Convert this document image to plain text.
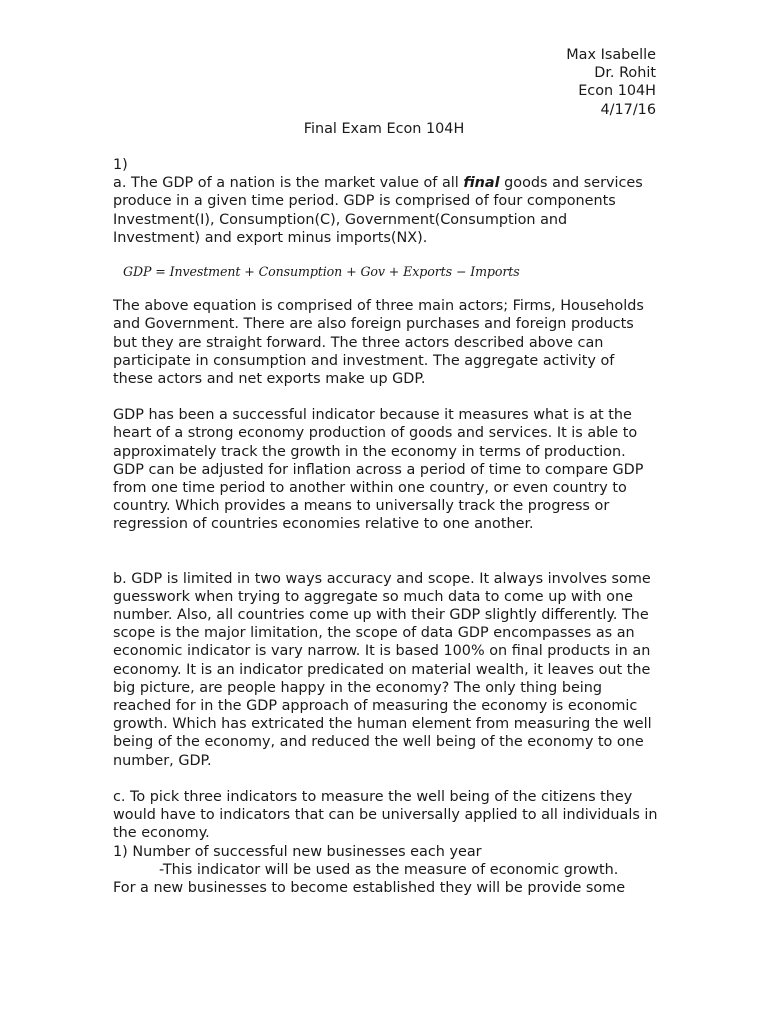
Max Isabelle
Dr. Rohit
Econ 104H
4/17/16
Final Exam Econ 104H

1)

a. The GDP of a nation is the market value of all final goods and services produce in a given time period. GDP is comprised of four components Investment(I), Consumption(C), Government(Consumption and Investment) and export minus imports(NX).

GDP = Investment + Consumption + Gov + Exports − Imports

The above equation is comprised of three main actors; Firms, Households and Government. There are also foreign purchases and foreign products but they are straight forward. The three actors described above can participate in consumption and investment. The aggregate activity of these actors and net exports make up GDP.

GDP has been a successful indicator because it measures what is at the heart of a strong economy production of goods and services. It is able to approximately track the growth in the economy in terms of production. GDP can be adjusted for inflation across a period of time to compare GDP from one time period to another within one country, or even country to country. Which provides a means to universally track the progress or regression of countries economies relative to one another.

b. GDP is limited in two ways accuracy and scope. It always involves some guesswork when trying to aggregate so much data to come up with one number. Also, all countries come up with their GDP slightly differently. The scope is the major limitation, the scope of data GDP encompasses as an economic indicator is vary narrow. It is based 100% on final products in an economy. It is an indicator predicated on material wealth, it leaves out the big picture, are people happy in the economy? The only thing being reached for in the GDP approach of measuring the economy is economic growth. Which has extricated the human element from measuring the well being of the economy, and reduced the well being of the economy to one number, GDP.

c. To pick three indicators to measure the well being of the citizens they would have to indicators that can be universally applied to all individuals in the economy.

1) Number of successful new businesses each year

-This indicator will be used as the measure of economic growth.

For a new businesses to become established they will be provide some
